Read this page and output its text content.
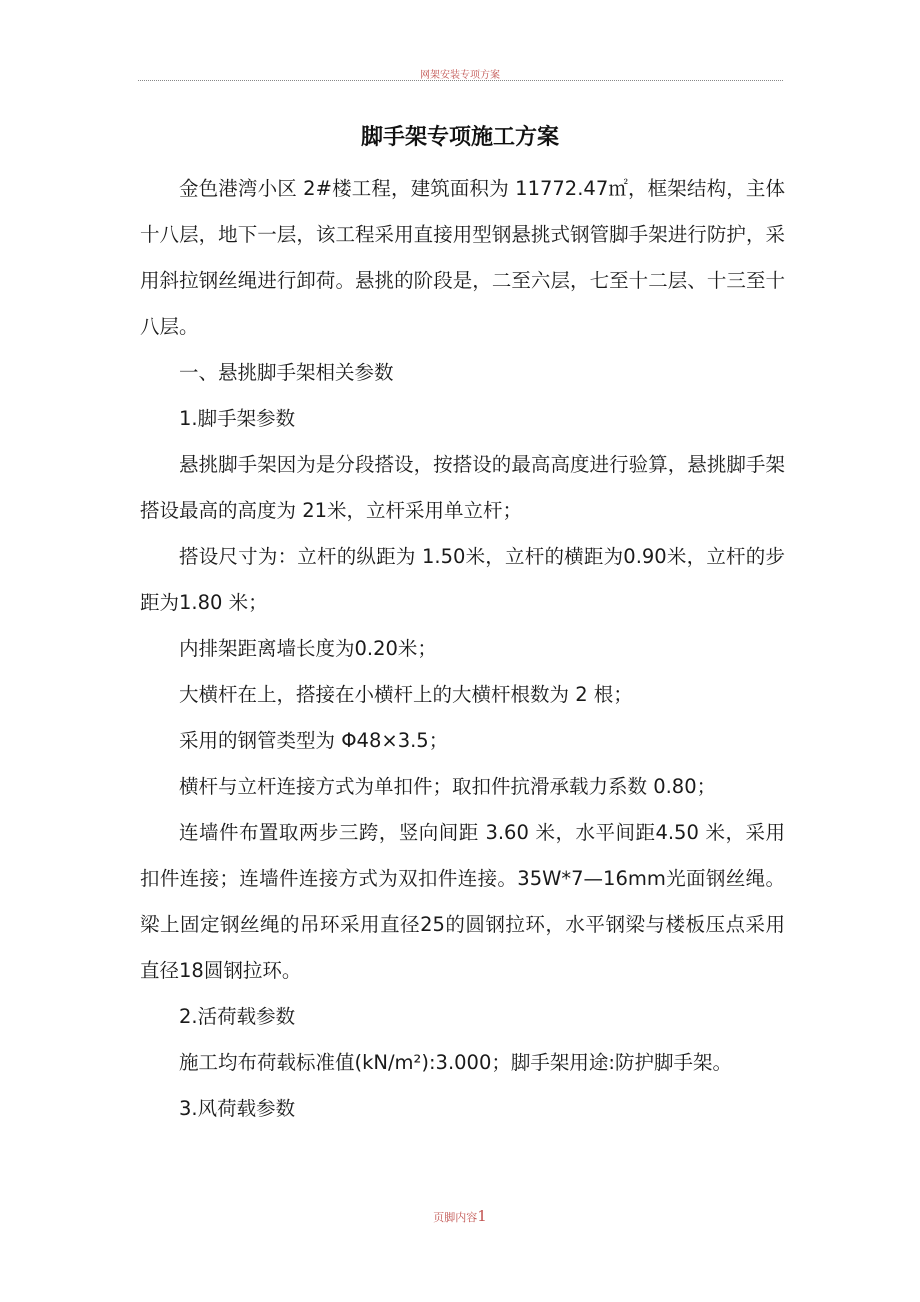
网架安装专项方案
脚手架专项施工方案

金色港湾小区 2#楼工程，建筑面积为 11772.47㎡，框架结构，主体十八层，地下一层，该工程采用直接用型钢悬挑式钢管脚手架进行防护，采用斜拉钢丝绳进行卸荷。悬挑的阶段是，二至六层，七至十二层、十三至十八层。

一、悬挑脚手架相关参数

1.脚手架参数

悬挑脚手架因为是分段搭设，按搭设的最高高度进行验算，悬挑脚手架搭设最高的高度为 21米，立杆采用单立杆；

搭设尺寸为：立杆的纵距为 1.50米，立杆的横距为0.90米，立杆的步距为1.80 米；

内排架距离墙长度为0.20米；

大横杆在上，搭接在小横杆上的大横杆根数为 2 根；

采用的钢管类型为 Φ48×3.5；

横杆与立杆连接方式为单扣件；取扣件抗滑承载力系数 0.80；

连墙件布置取两步三跨，竖向间距 3.60 米，水平间距4.50 米，采用扣件连接；连墙件连接方式为双扣件连接。35W*7—16mm光面钢丝绳。梁上固定钢丝绳的吊环采用直径25的圆钢拉环，水平钢梁与楼板压点采用直径18圆钢拉环。

2.活荷载参数

施工均布荷载标准值(kN/m²):3.000；脚手架用途:防护脚手架。

3.风荷载参数

页脚内容1
